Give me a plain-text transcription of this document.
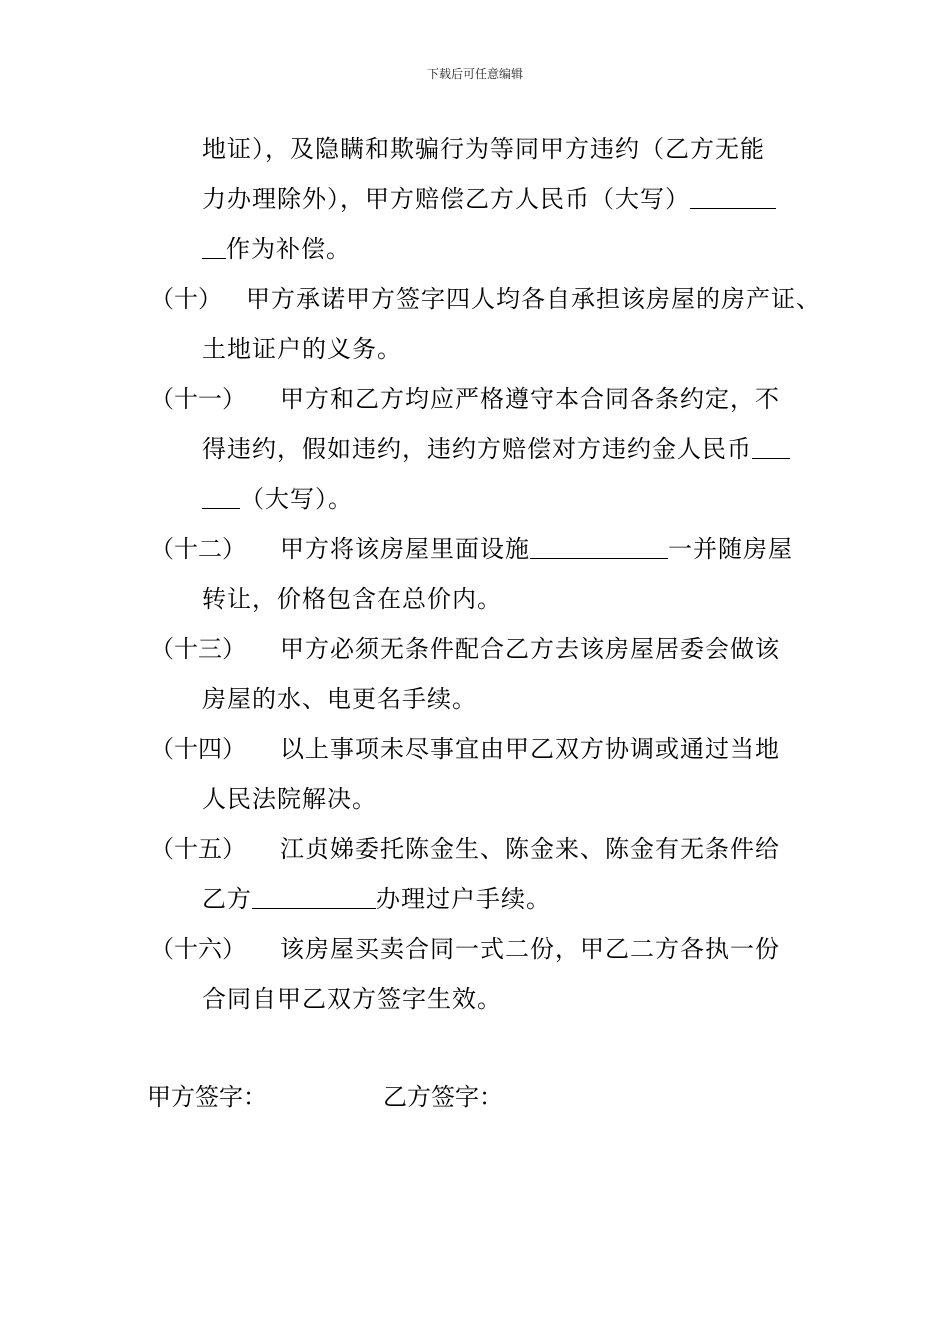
下载后可任意编辑
地证），及隐瞒和欺骗行为等同甲方违约（乙方无能
力办理除外），甲方赔偿乙方人民币（大写）
作为补偿。
（十） 甲方承诺甲方签字四人均各自承担该房屋的房产证、
土地证户的义务。
（十一） 甲方和乙方均应严格遵守本合同各条约定，不
得违约，假如违约，违约方赔偿对方违约金人民币
（大写）。
（十二） 甲方将该房屋里面设施	一并随房屋
转让，价格包含在总价内。
（十三） 甲方必须无条件配合乙方去该房屋居委会做该
房屋的水、电更名手续。
（十四） 以上事项未尽事宜由甲乙双方协调或通过当地
人民法院解决。
（十五） 江贞娣委托陈金生、陈金来、陈金有无条件给
乙方	办理过户手续。
（十六） 该房屋买卖合同一式二份，甲乙二方各执一份
合同自甲乙双方签字生效。
甲方签字：	乙方签字：
